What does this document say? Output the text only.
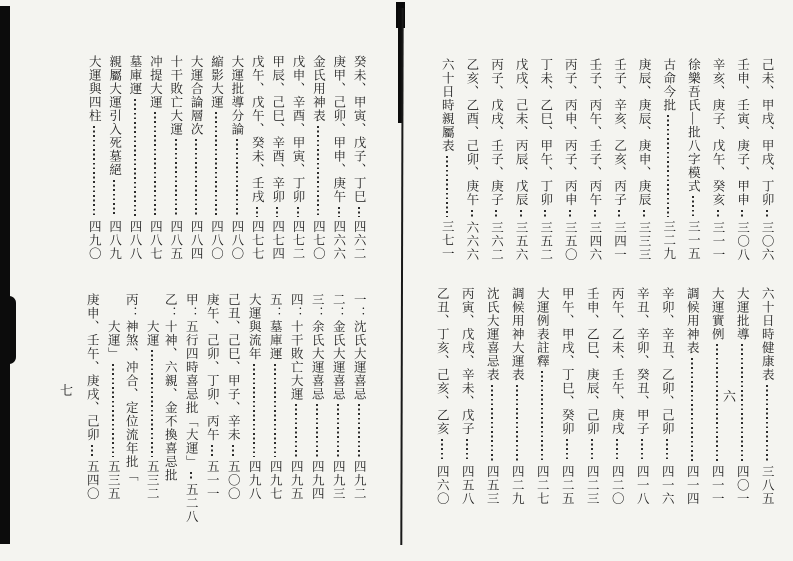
己未、甲戌、甲戌、丁卯
三〇六
壬申、壬寅、庚子、甲申
三〇八
辛亥、庚子、戊午、癸亥
三一一
徐樂吾氏—批八字模式
三一五
古命今批
三二九
庚辰、庚辰、庚申、庚辰
三三三
壬子、辛亥、乙亥、丙子
三四一
壬子、丙午、壬子、丙午
三四六
丙子、丙申、丙子、丙申
三五〇
丁未、乙巳、甲午、丁卯
三五二
戊戌、己未、丙辰、戊辰
三五六
丙子、戊戌、壬子、庚子
三六二
乙亥、乙酉、己卯、庚午
六六六
六十日時親屬表
三七一
六十日時健康表
三八五
大運批導
四〇一
大運實例
四一一
調候用神表
四一四
辛卯、辛丑、乙卯、己卯
四一六
辛丑、辛卯、癸丑、甲子
四一八
丙午、乙未、壬午、庚戌
四二〇
壬申、乙巳、庚辰、己卯
四二三
甲午、甲戌、丁巳、癸卯
四二五
大運例表註釋
四二七
調候用神大運表
四二九
沈氏大運喜忌表
四五三
丙寅、戊戌、辛未、戊子
四五八
乙丑、丁亥、己亥、乙亥
四六〇
六
癸未、甲寅、戊子、丁巳
四六二
庚甲、己卯、甲申、庚午
四六六
金氏用神表
四七〇
戊申、辛酉、甲寅、丁卯
四七二
甲辰、己巳、辛酉、辛卯
四七四
戊午、戊午、癸未、壬戌
四七七
大運批導分論
四八〇
縮影大運
四八〇
大運合論層次
四八四
十干敗亡大運
四八五
冲提大運
四八七
墓庫運
四八八
親屬大運引入死墓絕
四八九
大運與四柱
四九〇
一：沈氏大運喜忌
四九二
二：金氏大運喜忌
四九三
三：余氏大運喜忌
四九四
四：十干敗亡大運
四九五
五：墓庫運
四九七
大運與流年
四九八
己丑、己巳、甲子、辛未
五〇〇
庚午、己卯、丁卯、丙午
五一一
甲：五行四時喜忌批「大運」
五二八
乙：十神、六親、金不換喜忌批
大運
五三二
丙：神煞、冲合、定位流年批「
大運」
五三五
庚申、壬午、庚戌、己卯
五四〇
七
